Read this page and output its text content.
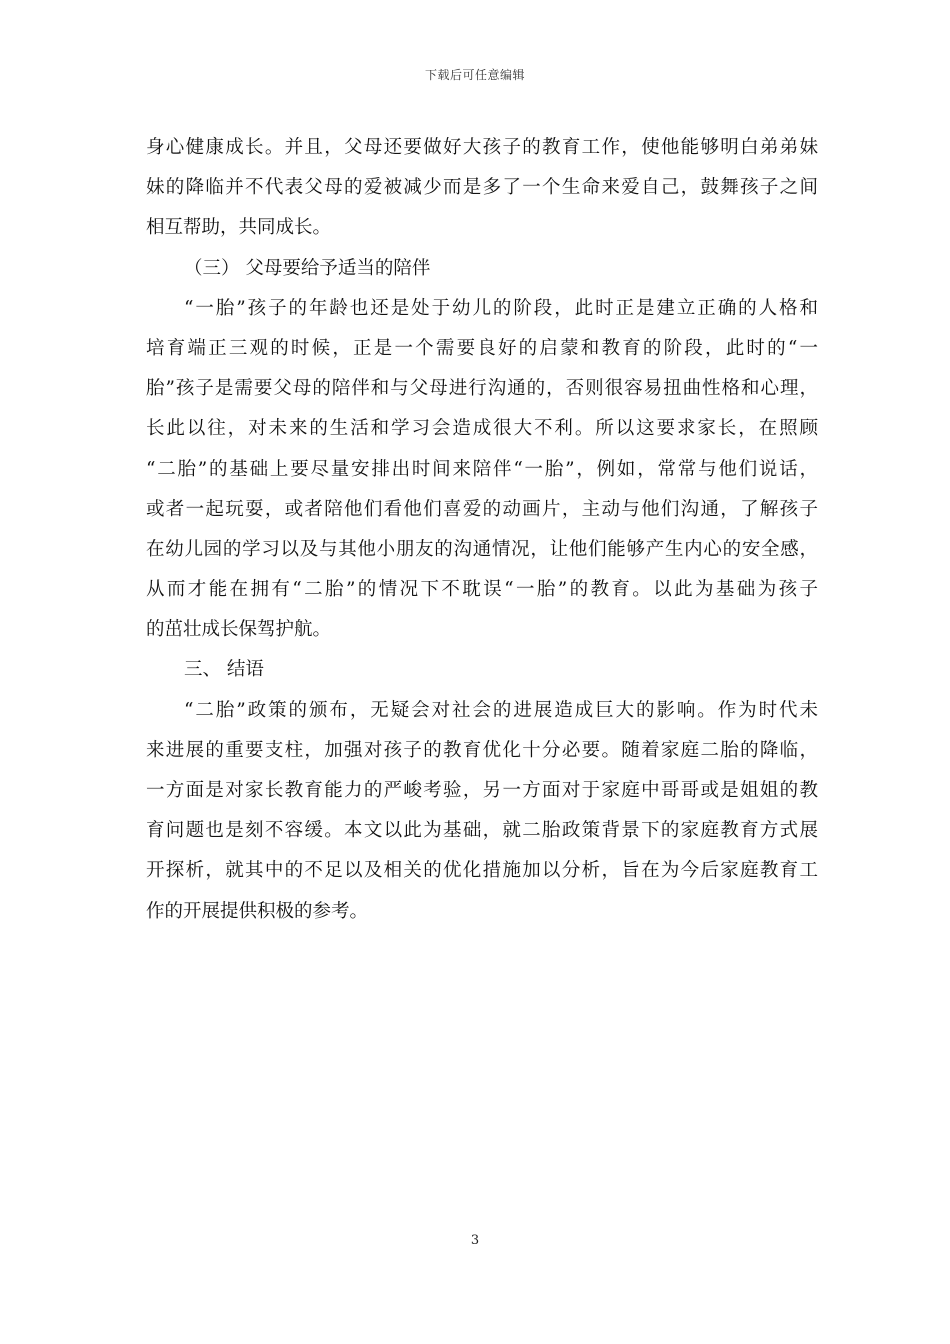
下载后可任意编辑
身心健康成长。并且，父母还要做好大孩子的教育工作，使他能够明白弟弟妹
妹的降临并不代表父母的爱被减少而是多了一个生命来爱自己，鼓舞孩子之间
相互帮助，共同成长。
（三） 父母要给予适当的陪伴
“一胎”孩子的年龄也还是处于幼儿的阶段，此时正是建立正确的人格和
培育端正三观的时候，正是一个需要良好的启蒙和教育的阶段，此时的“一
胎”孩子是需要父母的陪伴和与父母进行沟通的，否则很容易扭曲性格和心理，
长此以往，对未来的生活和学习会造成很大不利。所以这要求家长，在照顾
“二胎”的基础上要尽量安排出时间来陪伴“一胎”，例如，常常与他们说话，
或者一起玩耍，或者陪他们看他们喜爱的动画片，主动与他们沟通，了解孩子
在幼儿园的学习以及与其他小朋友的沟通情况，让他们能够产生内心的安全感，
从而才能在拥有“二胎”的情况下不耽误“一胎”的教育。以此为基础为孩子
的茁壮成长保驾护航。
三、 结语
“二胎”政策的颁布，无疑会对社会的进展造成巨大的影响。作为时代未
来进展的重要支柱，加强对孩子的教育优化十分必要。随着家庭二胎的降临，
一方面是对家长教育能力的严峻考验，另一方面对于家庭中哥哥或是姐姐的教
育问题也是刻不容缓。本文以此为基础，就二胎政策背景下的家庭教育方式展
开探析，就其中的不足以及相关的优化措施加以分析，旨在为今后家庭教育工
作的开展提供积极的参考。
3
